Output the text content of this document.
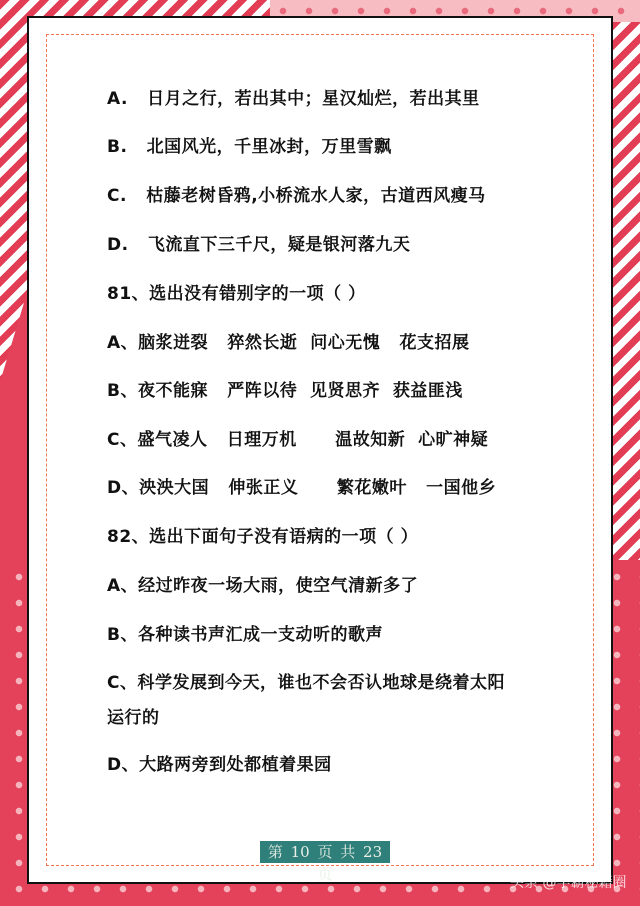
A.   日月之行，若出其中；星汉灿烂，若出其里
B.   北国风光，千里冰封，万里雪飘
C.   枯藤老树昏鸦,小桥流水人家，古道西风瘦马
D.   飞流直下三千尺，疑是银河落九天
81、选出没有错别字的一项（ ）
A、脑浆迸裂   猝然长逝  问心无愧   花支招展
B、夜不能寐   严阵以待  见贤思齐  获益匪浅
C、盛气凌人   日理万机      温故知新  心旷神疑
D、泱泱大国   伸张正义      繁花嫩叶   一国他乡
82、选出下面句子没有语病的一项（ ）
A、经过昨夜一场大雨，使空气清新多了
B、各种读书声汇成一支动听的歌声
C、科学发展到今天，谁也不会否认地球是绕着太阳
运行的
D、大路两旁到处都植着果园
第 10 页 共 23 页	头条 @学霸秘籍圈
